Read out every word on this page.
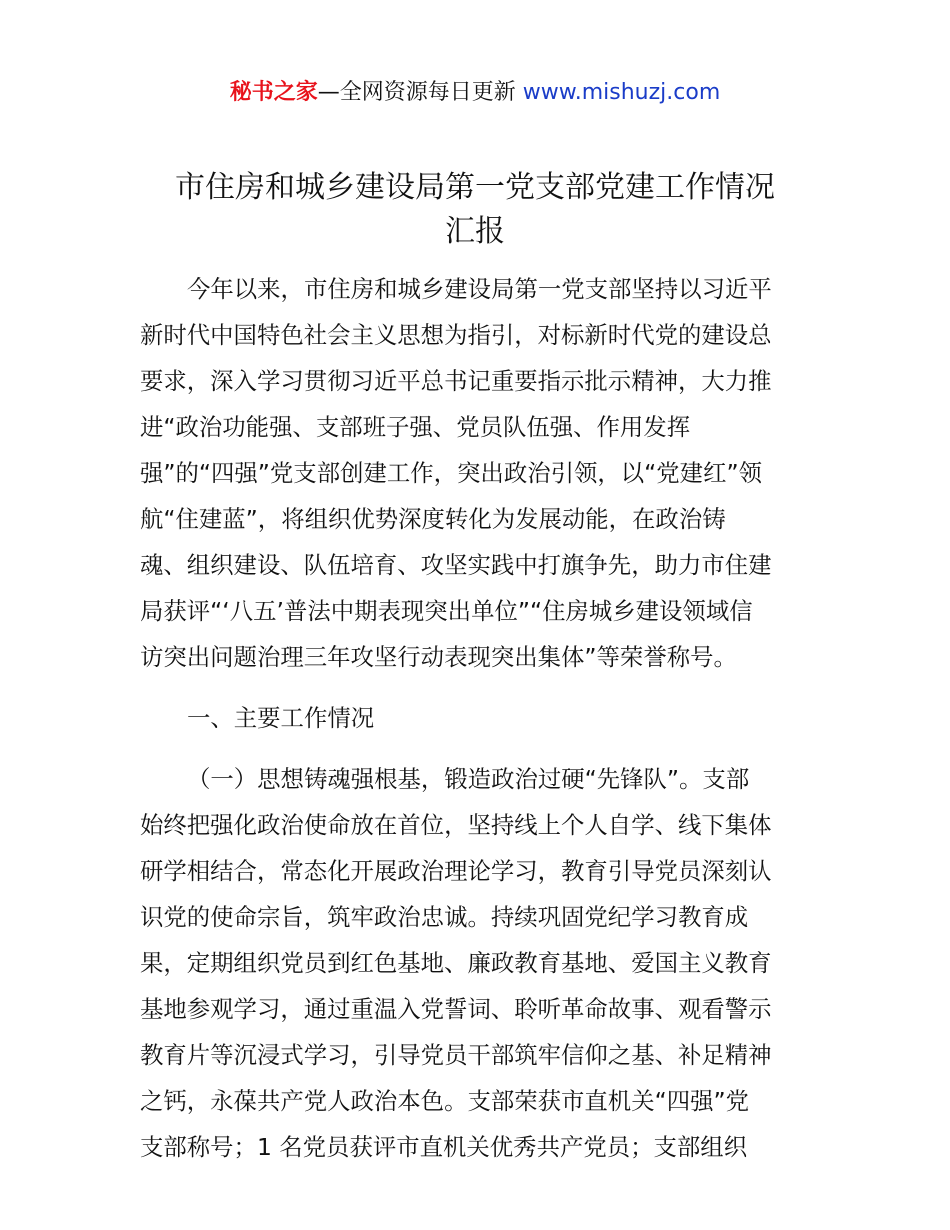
秘书之家—全网资源每日更新 www.mishuzj.com
市住房和城乡建设局第一党支部党建工作情况
汇报
今年以来，市住房和城乡建设局第一党支部坚持以习近平
新时代中国特色社会主义思想为指引，对标新时代党的建设总
要求，深入学习贯彻习近平总书记重要指示批示精神，大力推
进“政治功能强、支部班子强、党员队伍强、作用发挥
强”的“四强”党支部创建工作，突出政治引领，以“党建红”领
航“住建蓝”，将组织优势深度转化为发展动能，在政治铸
魂、组织建设、队伍培育、攻坚实践中打旗争先，助力市住建
局获评“‘八五’普法中期表现突出单位”“住房城乡建设领域信
访突出问题治理三年攻坚行动表现突出集体”等荣誉称号。
一、主要工作情况
（一）思想铸魂强根基，锻造政治过硬“先锋队”。支部
始终把强化政治使命放在首位，坚持线上个人自学、线下集体
研学相结合，常态化开展政治理论学习，教育引导党员深刻认
识党的使命宗旨，筑牢政治忠诚。持续巩固党纪学习教育成
果，定期组织党员到红色基地、廉政教育基地、爱国主义教育
基地参观学习，通过重温入党誓词、聆听革命故事、观看警示
教育片等沉浸式学习，引导党员干部筑牢信仰之基、补足精神
之钙，永葆共产党人政治本色。支部荣获市直机关“四强”党
支部称号；1 名党员获评市直机关优秀共产党员；支部组织
